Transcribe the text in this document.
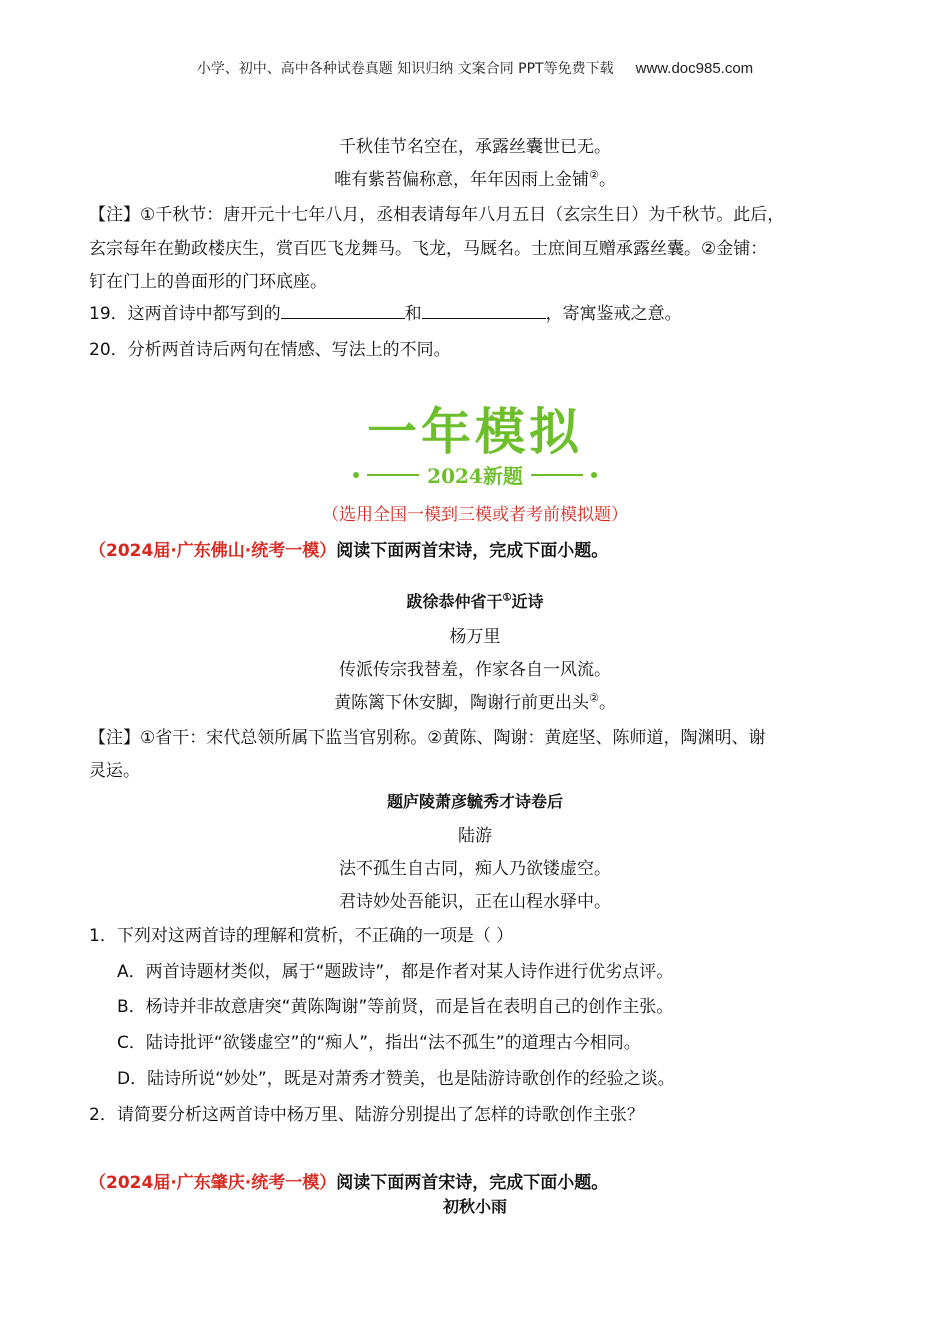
小学、初中、高中各种试卷真题 知识归纳 文案合同 PPT等免费下载 www.doc985.com
千秋佳节名空在，承露丝囊世已无。
唯有紫苔偏称意，年年因雨上金铺②。
【注】①千秋节：唐开元十七年八月，丞相表请每年八月五日（玄宗生日）为千秋节。此后，
玄宗每年在勤政楼庆生，赏百匹飞龙舞马。飞龙，马厩名。士庶间互赠承露丝囊。②金铺：
钉在门上的兽面形的门环底座。
19．这两首诗中都写到的	和	，寄寓鉴戒之意。
20．分析两首诗后两句在情感、写法上的不同。
一年模拟
2024新题
（选用全国一模到三模或者考前模拟题）
（2024届·广东佛山·统考一模）阅读下面两首宋诗，完成下面小题。
跋徐恭仲省干①近诗
杨万里
传派传宗我替羞，作家各自一风流。
黄陈篱下休安脚，陶谢行前更出头②。
【注】①省干：宋代总领所属下监当官别称。②黄陈、陶谢：黄庭坚、陈师道，陶渊明、谢
灵运。
题庐陵萧彦毓秀才诗卷后
陆游
法不孤生自古同，痴人乃欲镂虚空。
君诗妙处吾能识，正在山程水驿中。
1．下列对这两首诗的理解和赏析，不正确的一项是（ ）
A．两首诗题材类似，属于“题跋诗”，都是作者对某人诗作进行优劣点评。
B．杨诗并非故意唐突“黄陈陶谢”等前贤，而是旨在表明自己的创作主张。
C．陆诗批评“欲镂虚空”的“痴人”，指出“法不孤生”的道理古今相同。
D．陆诗所说“妙处”，既是对萧秀才赞美，也是陆游诗歌创作的经验之谈。
2．请简要分析这两首诗中杨万里、陆游分别提出了怎样的诗歌创作主张？
（2024届·广东肇庆·统考一模）阅读下面两首宋诗，完成下面小题。
初秋小雨
